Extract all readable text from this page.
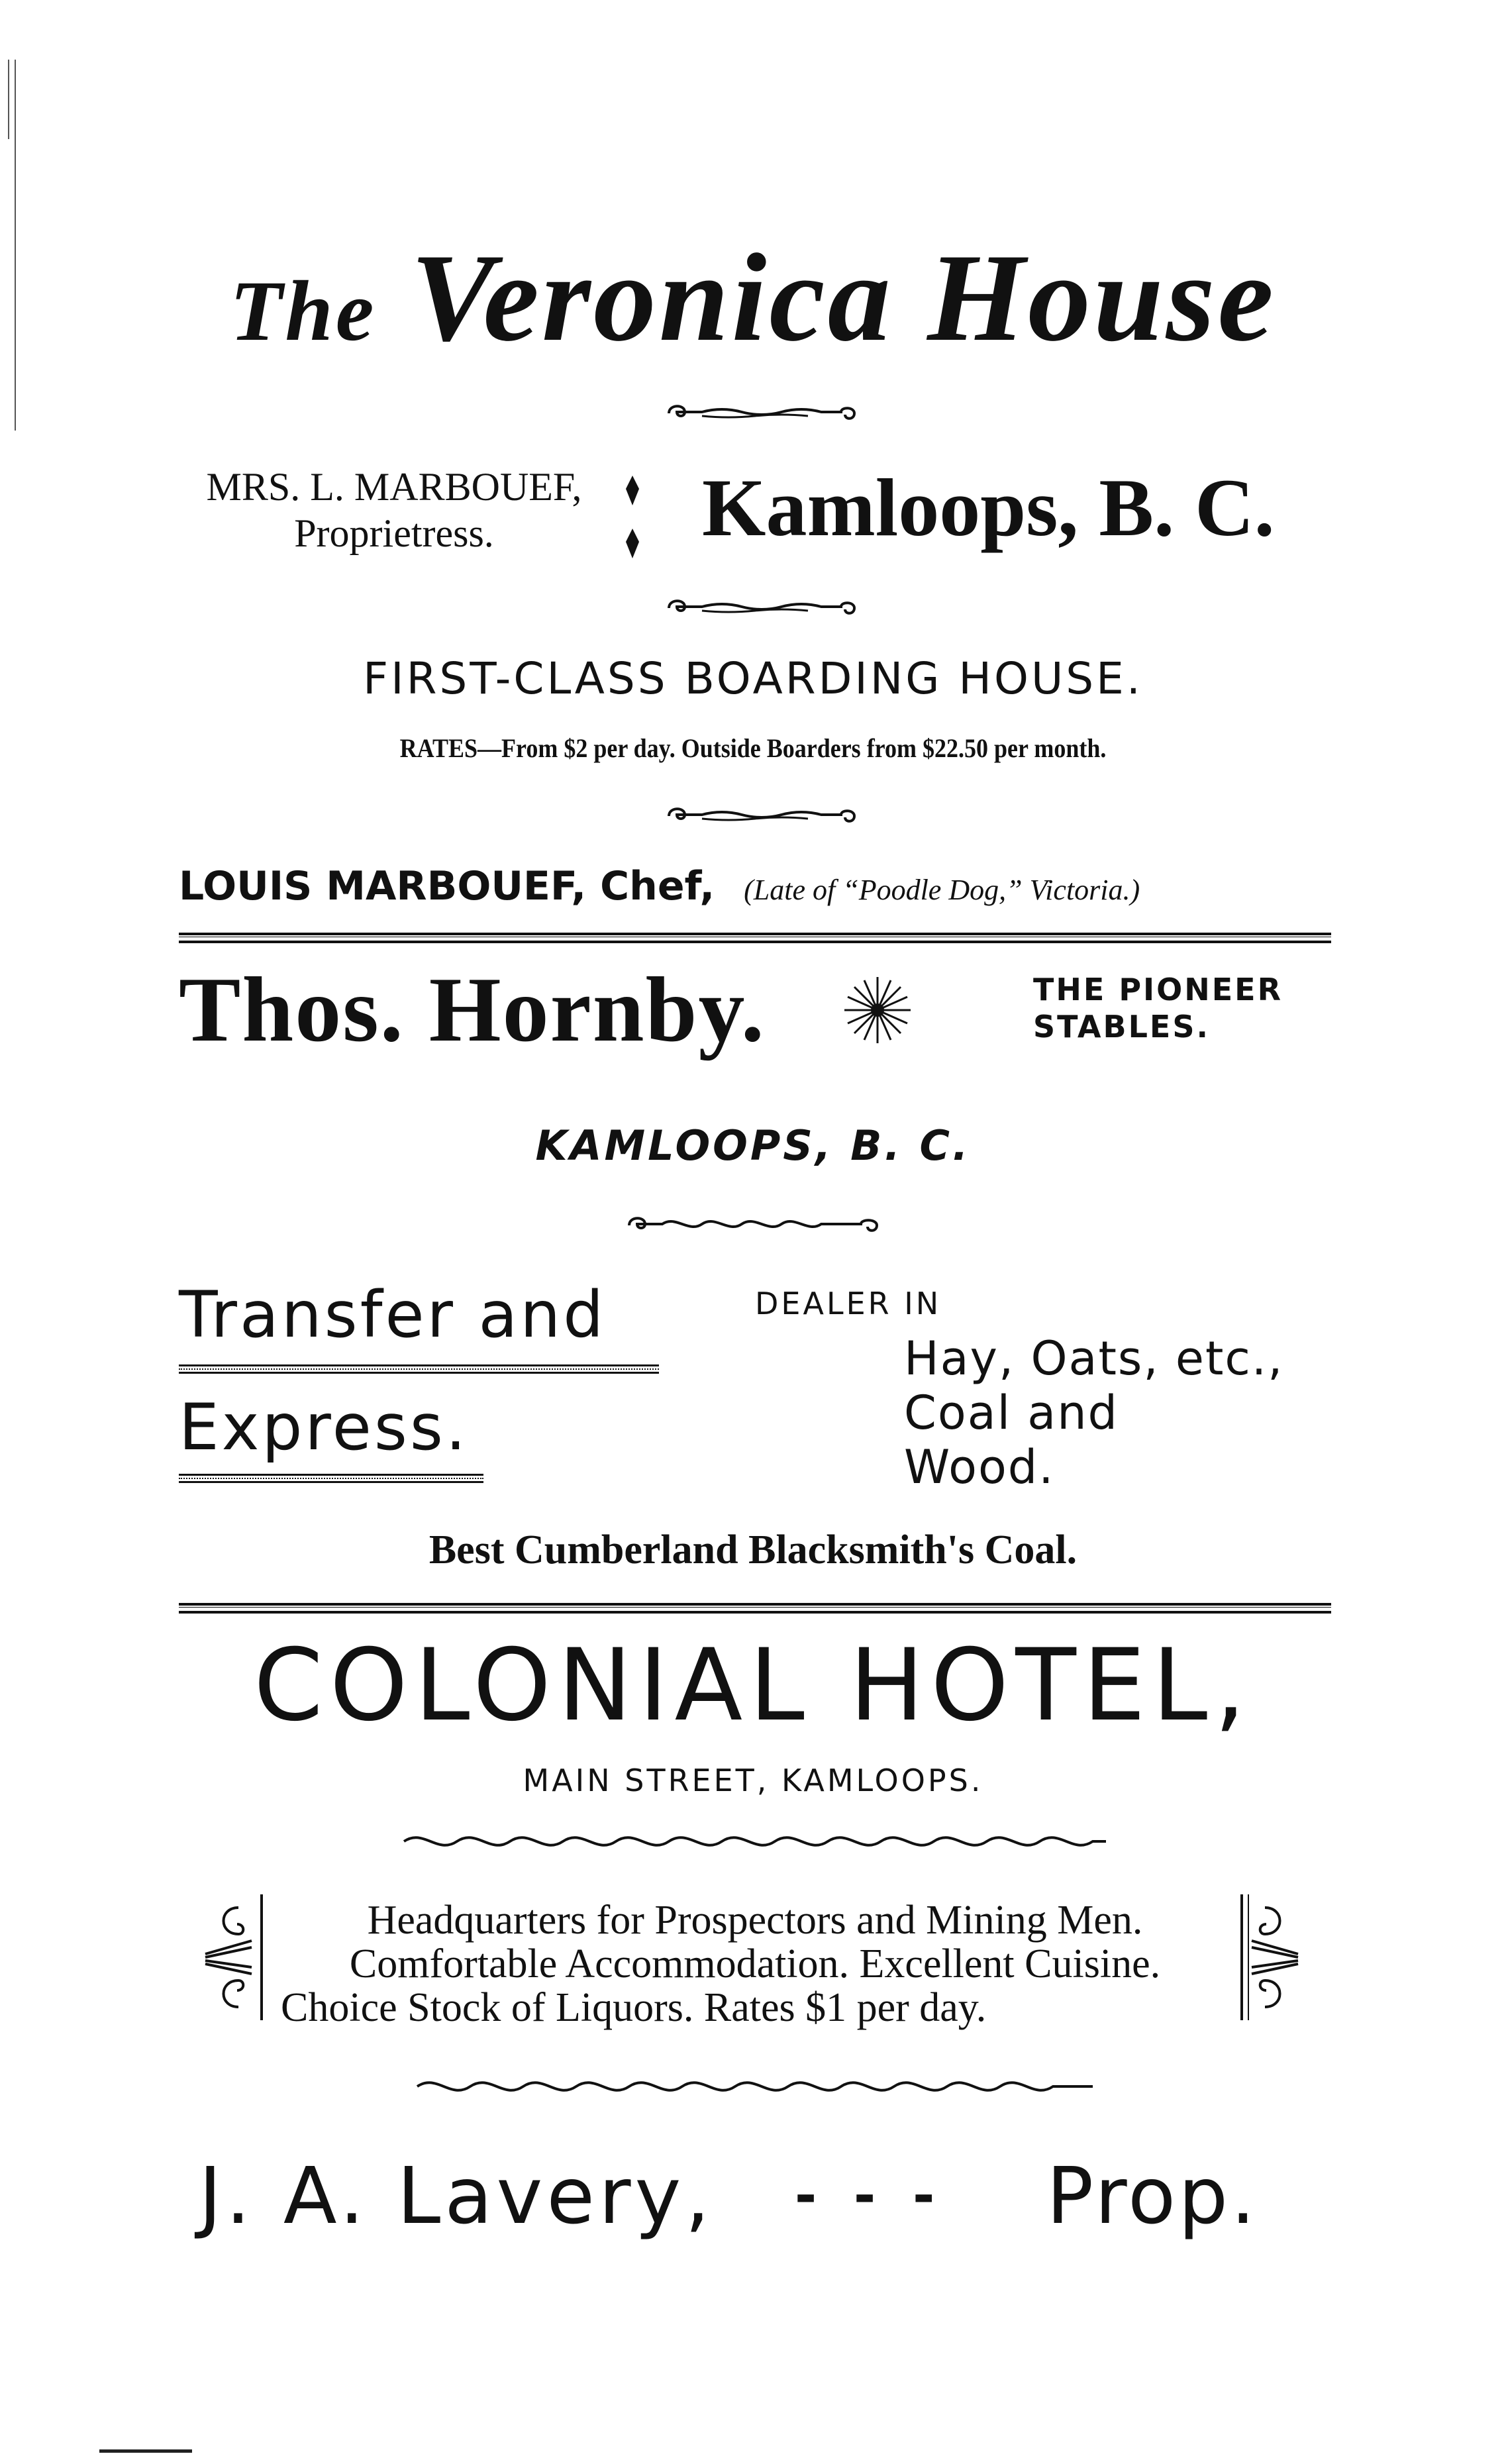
The Veronica House
MRS. L. MARBOUEF,
Proprietress.	Kamloops, B. C.
FIRST-CLASS BOARDING HOUSE.
RATES—From $2 per day. Outside Boarders from $22.50 per month.
LOUIS MARBOUEF, Chef, (Late of “Poodle Dog,” Victoria.)
Thos. Hornby.	THE PIONEER
STABLES.
KAMLOOPS, B. C.
Transfer and
Express.
DEALER IN
Hay, Oats, etc.,
Coal and
Wood.
Best Cumberland Blacksmith's Coal.
COLONIAL HOTEL,
MAIN STREET, KAMLOOPS.
Headquarters for Prospectors and Mining Men.
Comfortable Accommodation. Excellent Cuisine.
Choice Stock of Liquors. Rates $1 per day.
J. A. Lavery, - - - Prop.
